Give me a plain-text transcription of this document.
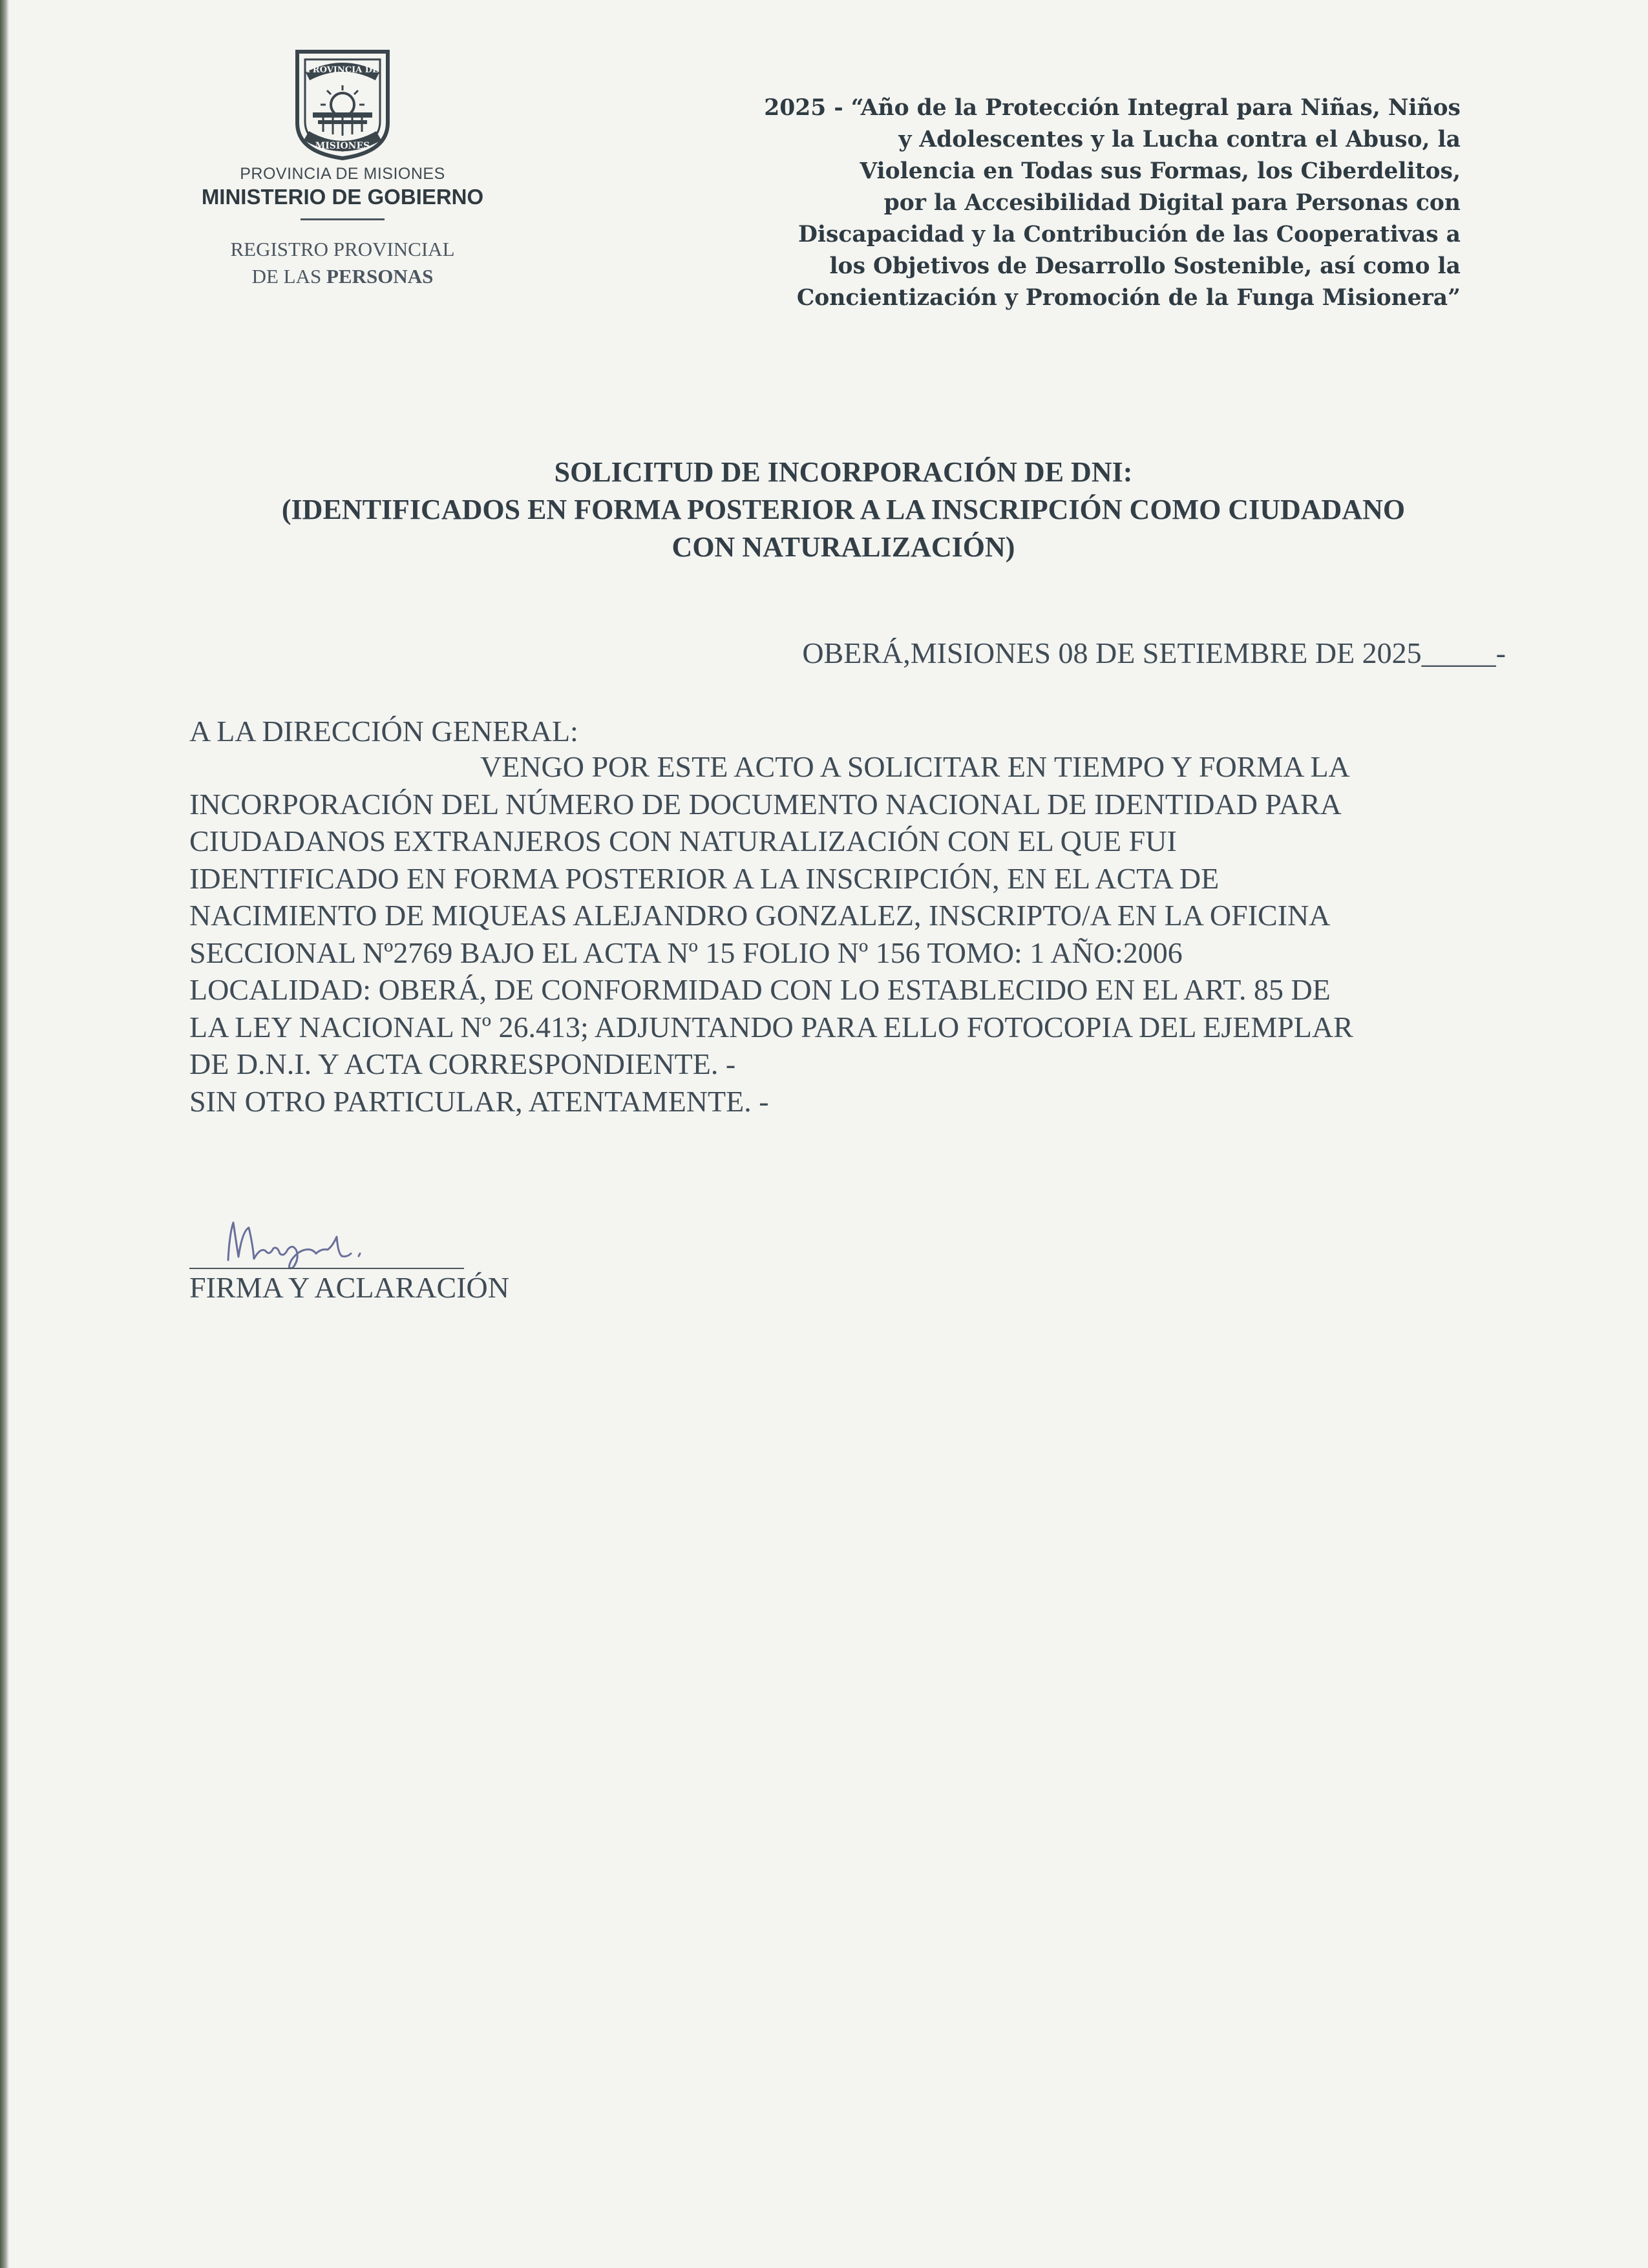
PROVINCIA DE
MISIONES
PROVINCIA DE MISIONES
MINISTERIO DE GOBIERNO
REGISTRO PROVINCIAL
DE LAS PERSONAS
2025 - “Año de la Protección Integral para Niñas, Niños
y Adolescentes y la Lucha contra el Abuso, la
Violencia en Todas sus Formas, los Ciberdelitos,
por la Accesibilidad Digital para Personas con
Discapacidad y la Contribución de las Cooperativas a
los Objetivos de Desarrollo Sostenible, así como la
Concientización y Promoción de la Funga Misionera”
SOLICITUD DE INCORPORACIÓN DE DNI:
(IDENTIFICADOS EN FORMA POSTERIOR A LA INSCRIPCIÓN COMO CIUDADANO
CON NATURALIZACIÓN)
OBERÁ,MISIONES 08 DE SETIEMBRE DE 2025_____-
A LA DIRECCIÓN GENERAL:
VENGO POR ESTE ACTO A SOLICITAR EN TIEMPO Y FORMA LA
INCORPORACIÓN DEL NÚMERO DE DOCUMENTO NACIONAL DE IDENTIDAD PARA
CIUDADANOS EXTRANJEROS CON NATURALIZACIÓN CON EL QUE FUI
IDENTIFICADO EN FORMA POSTERIOR A LA INSCRIPCIÓN, EN EL ACTA DE
NACIMIENTO DE MIQUEAS ALEJANDRO GONZALEZ, INSCRIPTO/A EN LA OFICINA
SECCIONAL Nº2769 BAJO EL ACTA Nº 15 FOLIO Nº 156 TOMO: 1 AÑO:2006
LOCALIDAD: OBERÁ, DE CONFORMIDAD CON LO ESTABLECIDO EN EL ART. 85 DE
LA LEY NACIONAL Nº 26.413; ADJUNTANDO PARA ELLO FOTOCOPIA DEL EJEMPLAR
DE D.N.I. Y ACTA CORRESPONDIENTE. -
SIN OTRO PARTICULAR, ATENTAMENTE. -
FIRMA Y ACLARACIÓN
